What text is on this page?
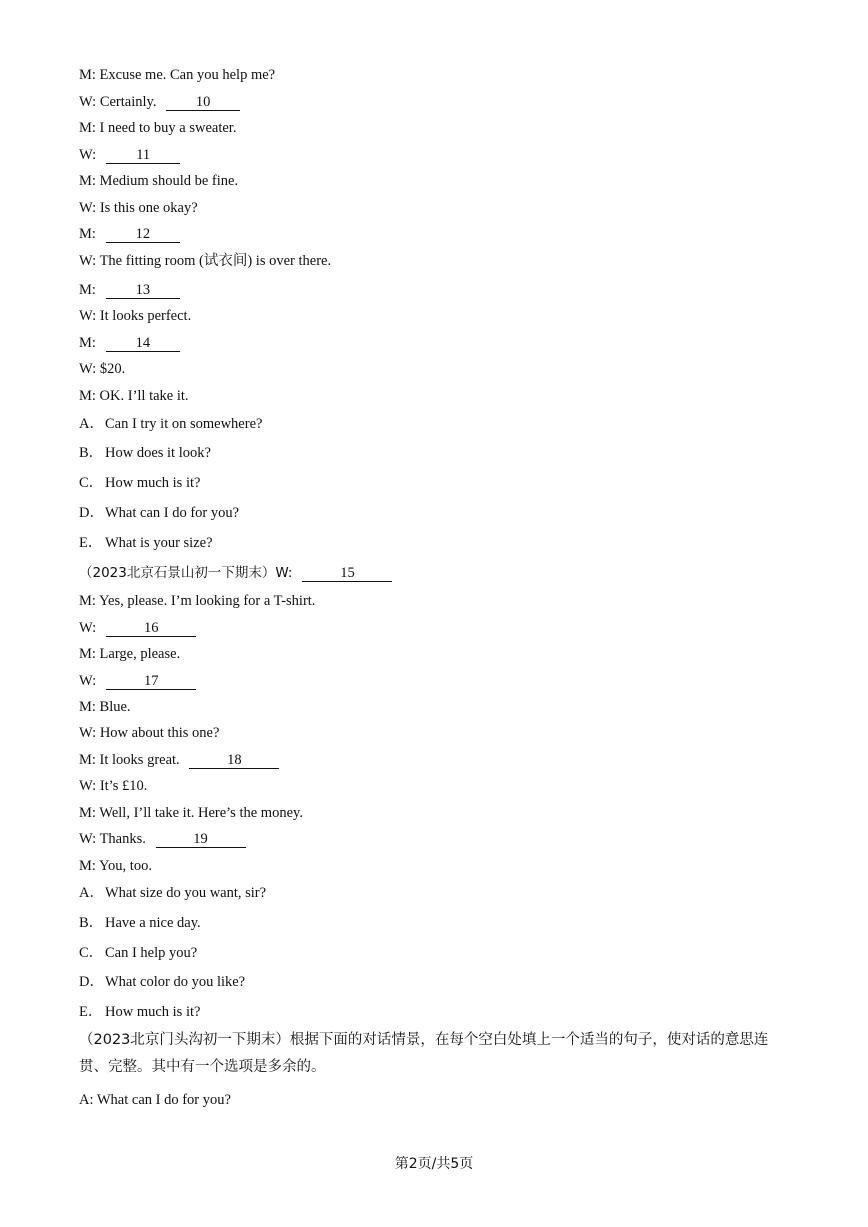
M: Excuse me. Can you help me?
W: Certainly.	10
M: I need to buy a sweater.
W:	11
M: Medium should be fine.
W: Is this one okay?
M:	12
W: The fitting room (试衣间) is over there.
M:	13
W: It looks perfect.
M:	14
W: $20.
M: OK. I’ll take it.
A．Can I try it on somewhere?
B． How does it look?
C． How much is it?
D．What can I do for you?
E． What is your size?
（2023北京石景山初一下期末）W:	15
M: Yes, please. I’m looking for a T-shirt.
W:	16
M: Large, please.
W:	17
M: Blue.
W: How about this one?
M: It looks great.	18
W: It’s £10.
M: Well, I’ll take it. Here’s the money.
W: Thanks.	19
M: You, too.
A．What size do you want, sir?
B． Have a nice day.
C． Can I help you?
D．What color do you like?
E． How much is it?
（2023北京门头沟初一下期末）根据下面的对话情景，在每个空白处填上一个适当的句子，使对话的意思连贯、完整。其中有一个选项是多余的。
A: What can I do for you?
第2页/共5页
